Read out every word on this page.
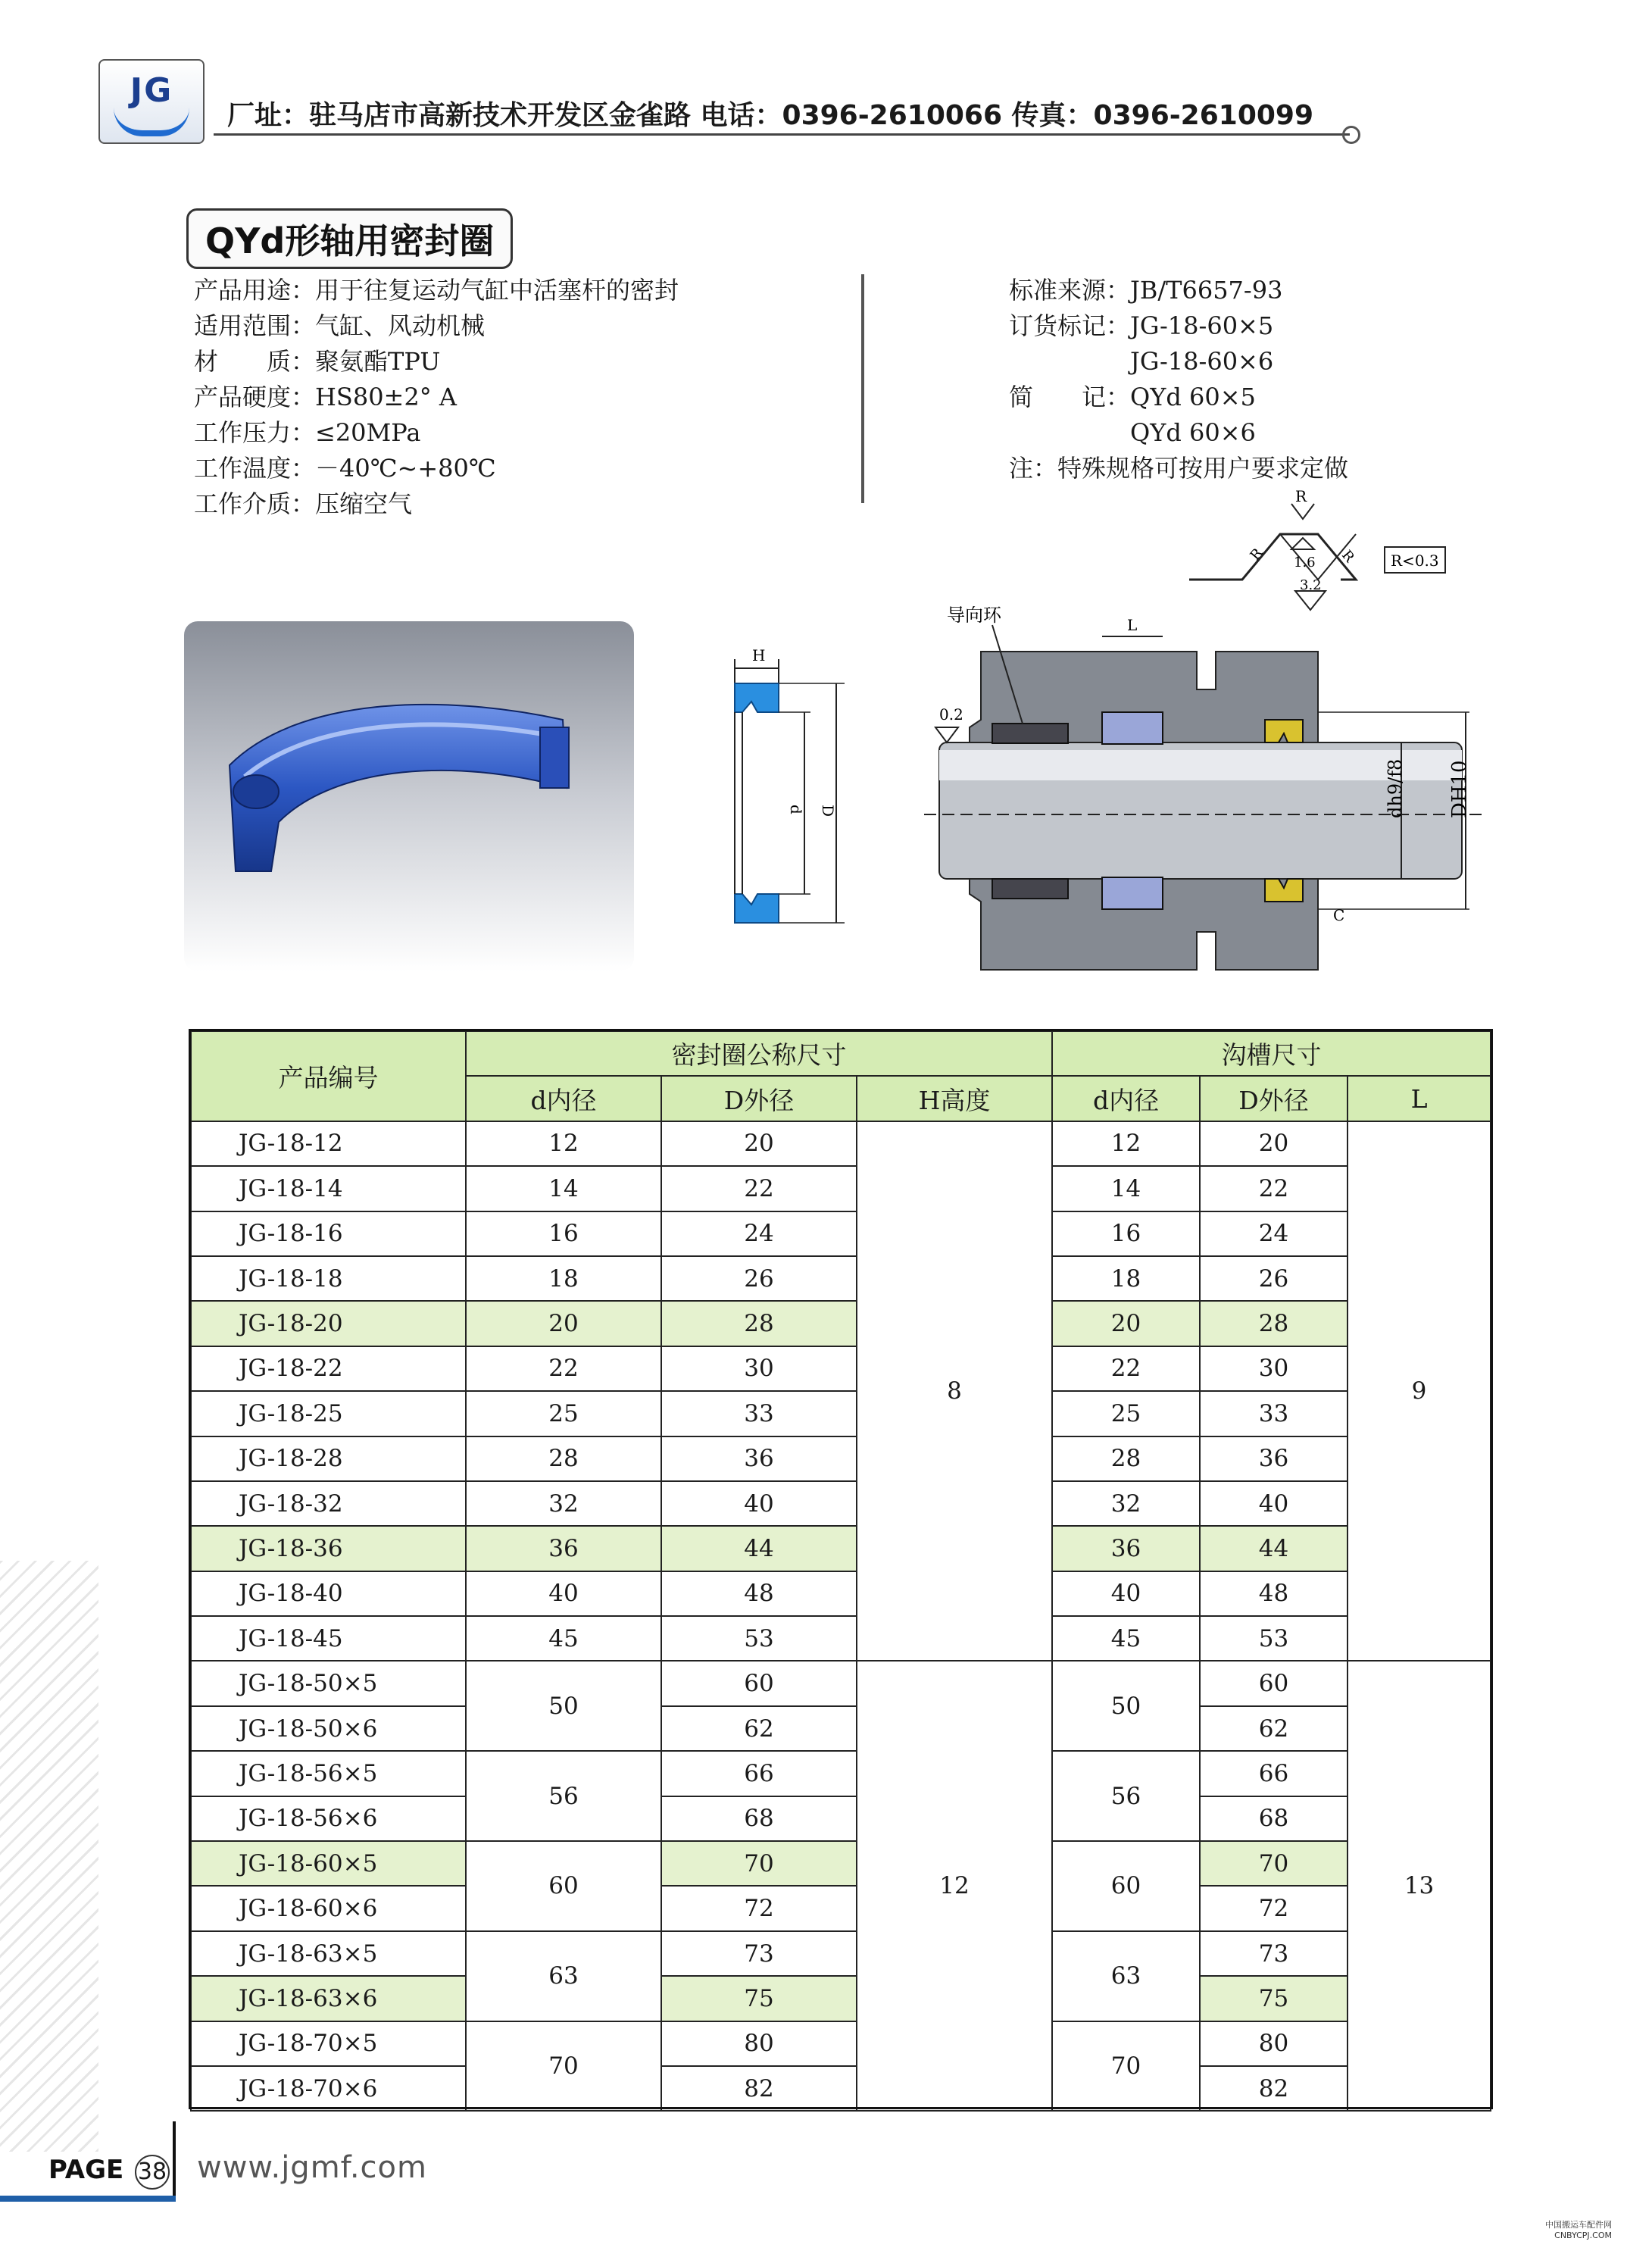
JG
厂址：驻马店市高新技术开发区金雀路 电话：0396-2610066 传真：0396-2610099
QYd形轴用密封圈
产品用途：用于往复运动气缸中活塞杆的密封
适用范围：气缸、风动机械
材　　质：聚氨酯TPU
产品硬度：HS80±2° A
工作压力：≤20MPa
工作温度：－40℃~+80℃
工作介质：压缩空气
标准来源：JB/T6657-93
订货标记：JG-18-60×5
　　　　　JG-18-60×6
简　　记：QYd 60×5
　　　　　QYd 60×6
注：特殊规格可按用户要求定做
R
1.6
R	R
3.2
R<0.3
H
d D
导向环	L
0.2
dh9/f8 DH10
C
产品编号	密封圈公称尺寸			沟槽尺寸		
	d内径	D外径	H高度	d内径	D外径	L
JG-18-12	12	20	8	12	20	9
JG-18-14	14	22		14	22	
JG-18-16	16	24		16	24	
JG-18-18	18	26		18	26	
JG-18-20	20	28		20	28	
JG-18-22	22	30		22	30	
JG-18-25	25	33		25	33	
JG-18-28	28	36		28	36	
JG-18-32	32	40		32	40	
JG-18-36	36	44		36	44	
JG-18-40	40	48		40	48	
JG-18-45	45	53		45	53	
JG-18-50×5	50	60	12	50	60	13
JG-18-50×6		62			62	
JG-18-56×5	56	66		56	66	
JG-18-56×6		68			68	
JG-18-60×5	60	70		60	70	
JG-18-60×6		72			72	
JG-18-63×5	63	73		63	73	
JG-18-63×6		75			75	
JG-18-70×5	70	80		70	80	
JG-18-70×6		82			82	
PAGE 38 www.jgmf.com
中国搬运车配件网
CNBYCPJ.COM
